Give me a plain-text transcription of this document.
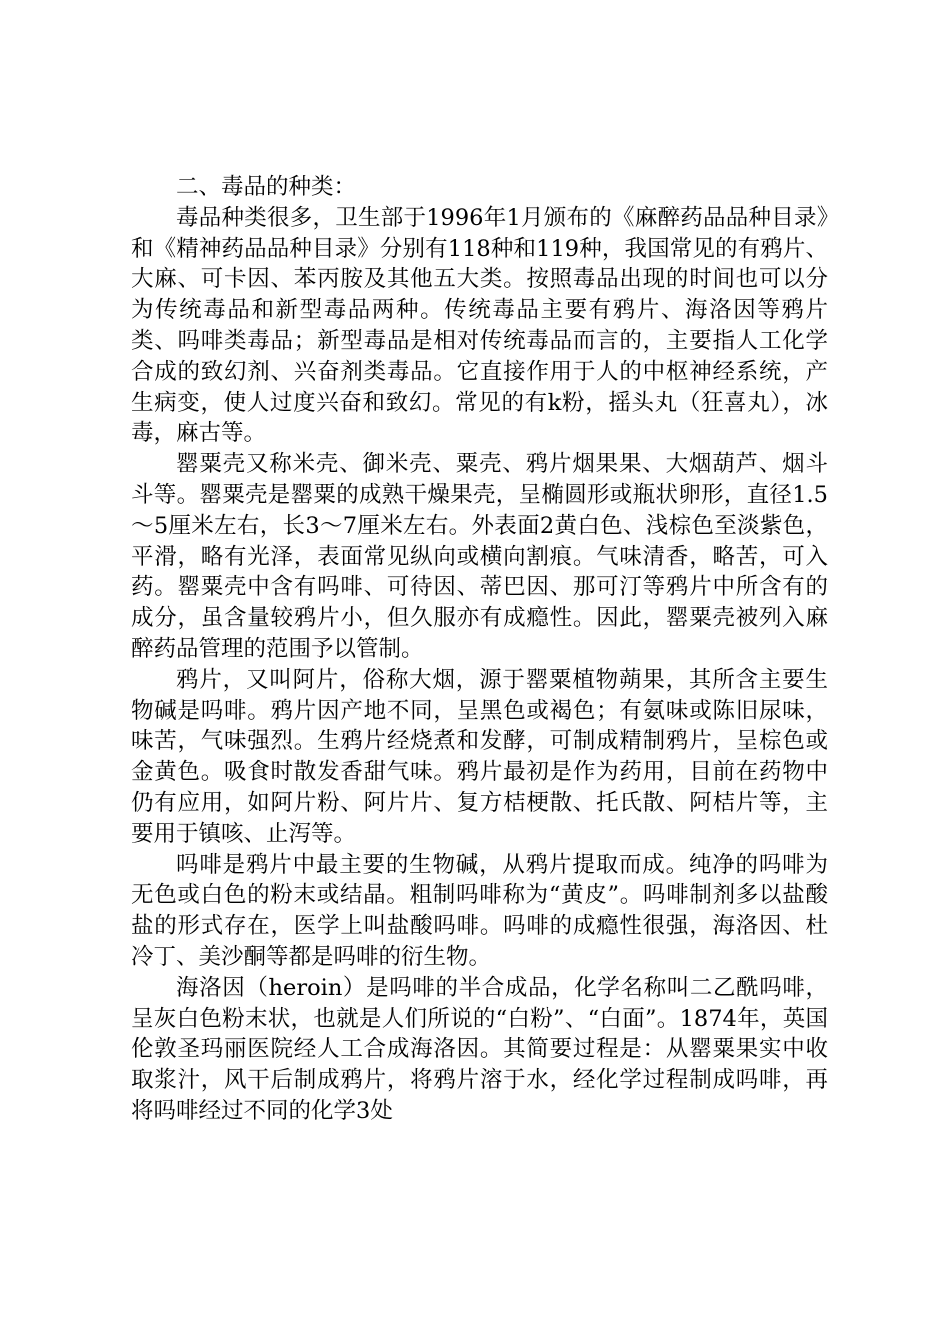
二、毒品的种类：

毒品种类很多，卫生部于1996年1月颁布的《麻醉药品品种目录》和《精神药品品种目录》分别有118种和119种，我国常见的有鸦片、大麻、可卡因、苯丙胺及其他五大类。按照毒品出现的时间也可以分为传统毒品和新型毒品两种。传统毒品主要有鸦片、海洛因等鸦片类、吗啡类毒品；新型毒品是相对传统毒品而言的，主要指人工化学合成的致幻剂、兴奋剂类毒品。它直接作用于人的中枢神经系统，产生病变，使人过度兴奋和致幻。常见的有k粉，摇头丸（狂喜丸），冰毒，麻古等。

罂粟壳又称米壳、御米壳、粟壳、鸦片烟果果、大烟葫芦、烟斗斗等。罂粟壳是罂粟的成熟干燥果壳，呈椭圆形或瓶状卵形，直径1.5～5厘米左右，长3～7厘米左右。外表面2黄白色、浅棕色至淡紫色，平滑，略有光泽，表面常见纵向或横向割痕。气味清香，略苦，可入药。罂粟壳中含有吗啡、可待因、蒂巴因、那可汀等鸦片中所含有的成分，虽含量较鸦片小，但久服亦有成瘾性。因此，罂粟壳被列入麻醉药品管理的范围予以管制。

鸦片，又叫阿片，俗称大烟，源于罂粟植物蒴果，其所含主要生物碱是吗啡。鸦片因产地不同，呈黑色或褐色；有氨味或陈旧尿味，味苦，气味强烈。生鸦片经烧煮和发酵，可制成精制鸦片，呈棕色或金黄色。吸食时散发香甜气味。鸦片最初是作为药用，目前在药物中仍有应用，如阿片粉、阿片片、复方桔梗散、托氏散、阿桔片等，主要用于镇咳、止泻等。

吗啡是鸦片中最主要的生物碱，从鸦片提取而成。纯净的吗啡为无色或白色的粉末或结晶。粗制吗啡称为“黄皮”。吗啡制剂多以盐酸盐的形式存在，医学上叫盐酸吗啡。吗啡的成瘾性很强，海洛因、杜冷丁、美沙酮等都是吗啡的衍生物。

海洛因（heroin）是吗啡的半合成品，化学名称叫二乙酰吗啡，呈灰白色粉末状，也就是人们所说的“白粉”、“白面”。1874年，英国伦敦圣玛丽医院经人工合成海洛因。其简要过程是：从罂粟果实中收取浆汁，风干后制成鸦片，将鸦片溶于水，经化学过程制成吗啡，再将吗啡经过不同的化学3处
